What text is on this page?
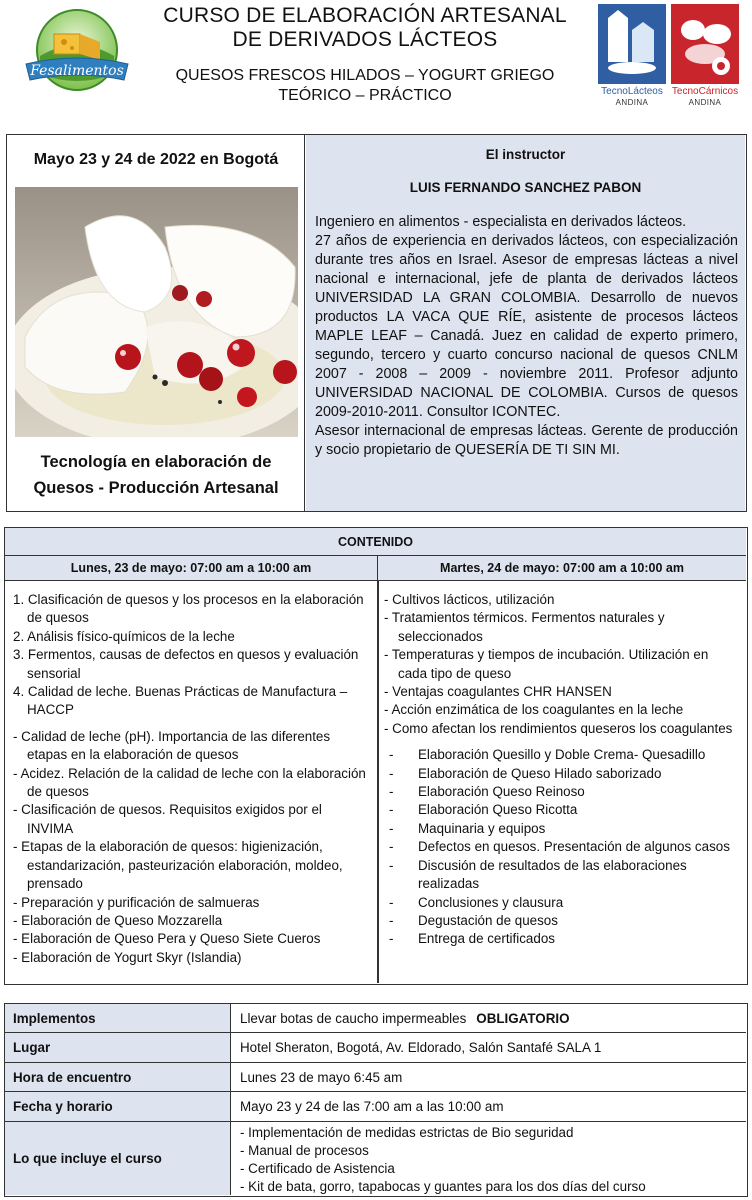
Fesalimentos
CURSO DE ELABORACIÓN ARTESANAL
DE DERIVADOS LÁCTEOS
QUESOS FRESCOS HILADOS – YOGURT GRIEGO
TEÓRICO – PRÁCTICO	TecnoLácteos
ANDINA
TecnoCárnicos
ANDINA
Mayo 23 y 24 de 2022 en Bogotá
Tecnología en elaboración de
Quesos - Producción Artesanal
El instructor
LUIS FERNANDO SANCHEZ PABON

Ingeniero en alimentos - especialista en derivados lácteos.

27 años de experiencia en derivados lácteos, con especialización durante tres años en Israel. Asesor de empresas lácteas a nivel nacional e internacional, jefe de planta de derivados lácteos UNIVERSIDAD LA GRAN COLOMBIA. Desarrollo de nuevos productos LA VACA QUE RÍE, asistente de procesos lácteos MAPLE LEAF – Canadá. Juez en calidad de experto primero, segundo, tercero y cuarto concurso nacional de quesos CNLM 2007 - 2008 – 2009 - noviembre 2011. Profesor adjunto UNIVERSIDAD NACIONAL DE COLOMBIA. Cursos de quesos 2009-2010-2011. Consultor ICONTEC.

Asesor internacional de empresas lácteas. Gerente de producción y socio propietario de QUESERÍA DE TI SIN MI.

CONTENIDO
Lunes, 23 de mayo: 07:00 am a 10:00 am	Martes, 24 de mayo: 07:00 am a 10:00 am
1. Clasificación de quesos y los procesos en la elaboración de quesos
2. Análisis físico-químicos de la leche
3. Fermentos, causas de defectos en quesos y evaluación sensorial
4. Calidad de leche. Buenas Prácticas de Manufactura – HACCP
- Calidad de leche (pH). Importancia de las diferentes etapas en la elaboración de quesos
- Acidez. Relación de la calidad de leche con la elaboración de quesos
- Clasificación de quesos. Requisitos exigidos por el INVIMA
- Etapas de la elaboración de quesos: higienización, estandarización, pasteurización elaboración, moldeo, prensado
- Preparación y purificación de salmueras
- Elaboración de Queso Mozzarella
- Elaboración de Queso Pera y Queso Siete Cueros
- Elaboración de Yogurt Skyr (Islandia)
- Cultivos lácticos, utilización
- Tratamientos térmicos. Fermentos naturales y seleccionados
- Temperaturas y tiempos de incubación. Utilización en cada tipo de queso
- Ventajas coagulantes CHR HANSEN
- Acción enzimática de los coagulantes en la leche
- Como afectan los rendimientos queseros los coagulantes
-	Elaboración Quesillo y Doble Crema- Quesadillo
-	Elaboración de Queso Hilado saborizado
-	Elaboración Queso Reinoso
-	Elaboración Queso Ricotta
-	Maquinaria y equipos
-	Defectos en quesos. Presentación de algunos casos
-	Discusión de resultados de las elaboraciones realizadas
-	Conclusiones y clausura
-	Degustación de quesos
-	Entrega de certificados
Implementos	Llevar botas de caucho impermeables OBLIGATORIO
Lugar	Hotel Sheraton, Bogotá, Av. Eldorado, Salón Santafé SALA 1
Hora de encuentro	Lunes 23 de mayo 6:45 am
Fecha y horario	Mayo 23 y 24 de las 7:00 am a las 10:00 am
Lo que incluye el curso
- Implementación de medidas estrictas de Bio seguridad
- Manual de procesos
- Certificado de Asistencia
- Kit de bata, gorro, tapabocas y guantes para los dos días del curso
